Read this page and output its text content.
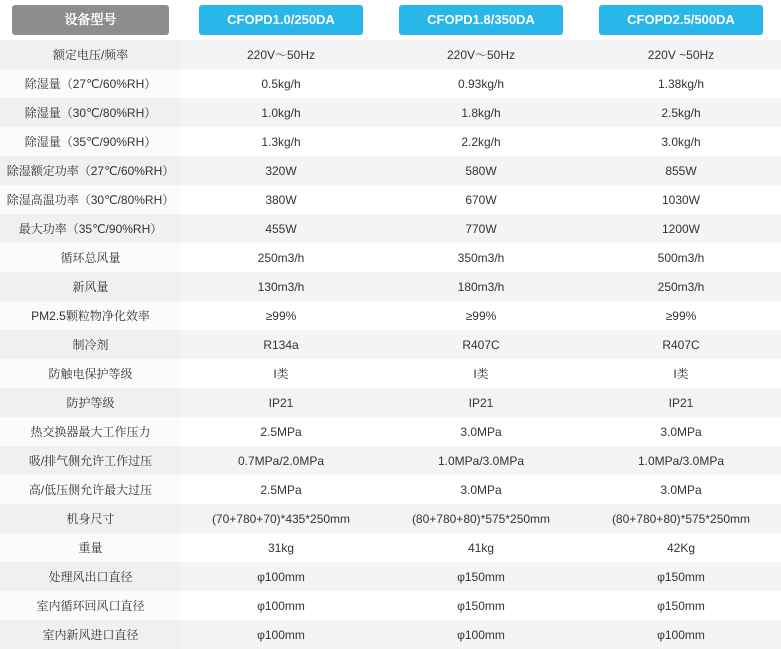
设备型号	CFOPD1.0/250DA	CFOPD1.8/350DA	CFOPD2.5/500DA

额定电压/频率	220V～50Hz	220V～50Hz	220V ~50Hz
除湿量（27℃/60%RH）	0.5kg/h	0.93kg/h	1.38kg/h
除湿量（30℃/80%RH）	1.0kg/h	1.8kg/h	2.5kg/h
除湿量（35℃/90%RH）	1.3kg/h	2.2kg/h	3.0kg/h
除湿额定功率（27℃/60%RH）	320W	580W	855W
除湿高温功率（30℃/80%RH）	380W	670W	1030W
最大功率（35℃/90%RH）	455W	770W	1200W
循环总风量	250m3/h	350m3/h	500m3/h
新风量	130m3/h	180m3/h	250m3/h
PM2.5颗粒物净化效率	≥99%	≥99%	≥99%
制冷剂	R134a	R407C	R407C
防触电保护等级	I类	I类	I类
防护等级	IP21	IP21	IP21
热交换器最大工作压力	2.5MPa	3.0MPa	3.0MPa
吸/排气侧允许工作过压	0.7MPa/2.0MPa	1.0MPa/3.0MPa	1.0MPa/3.0MPa
高/低压侧允许最大过压	2.5MPa	3.0MPa	3.0MPa
机身尺寸	(70+780+70)*435*250mm	(80+780+80)*575*250mm	(80+780+80)*575*250mm
重量	31kg	41kg	42Kg
处理风出口直径	φ100mm	φ150mm	φ150mm
室内循环回风口直径	φ100mm	φ150mm	φ150mm
室内新风进口直径	φ100mm	φ100mm	φ100mm
